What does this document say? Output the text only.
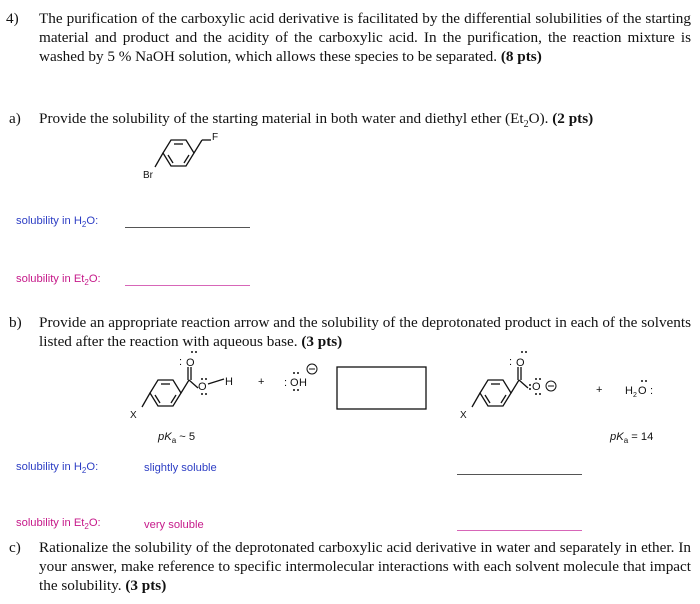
4) The purification of the carboxylic acid derivative is facilitated by the differential solubilities of the starting material and product and the acidity of the carboxylic acid. In the purification, the reaction mixture is washed by 5 % NaOH solution, which allows these species to be separated. (8 pts)
a) Provide the solubility of the starting material in both water and diethyl ether $(Et_2O)$. (2 pts)
Br
F
solubility in $H_2O$:
solubility in $Et_2O$:
b) Provide an appropriate reaction arrow and the solubility of the deprotonated product in each of the solvents listed after the reaction with aqueous base. (3 pts)
X
O
:
O H + : O H
X
O
:
O	+ H 2 O :
$pK_a$ ~ 5	$pK_a = 14$
solubility in $H_2O$:	slightly soluble
solubility in $Et_2O$:	very soluble
c) Rationalize the solubility of the deprotonated carboxylic acid derivative in water and separately in ether. In your answer, make reference to specific intermolecular interactions with each solvent molecule that impact the solubility. (3 pts)
